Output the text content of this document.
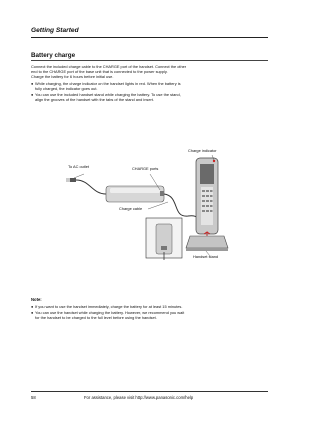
Getting Started
Battery charge
Connect the included charge cable to the CHARGE port of the handset. Connect the other
end to the CHARGE port of the base unit that is connected to the power supply.
Charge the battery for 6 hours before initial use.
● While charging, the charge indicator on the handset lights in red. When the battery is
fully charged, the indicator goes out.
● You can use the included handset stand while charging the battery. To use the stand,
align the grooves of the handset with the tabs of the stand and insert.
To AC outlet	CHARGE ports
Charge indicator
Charge cable
Handset stand
Note:
● If you want to use the handset immediately, charge the battery for at least 15 minutes.
● You can use the handset while charging the battery. However, we recommend you wait
for the handset to be charged to the full level before using the handset.
58	For assistance, please visit http://www.panasonic.com/help
